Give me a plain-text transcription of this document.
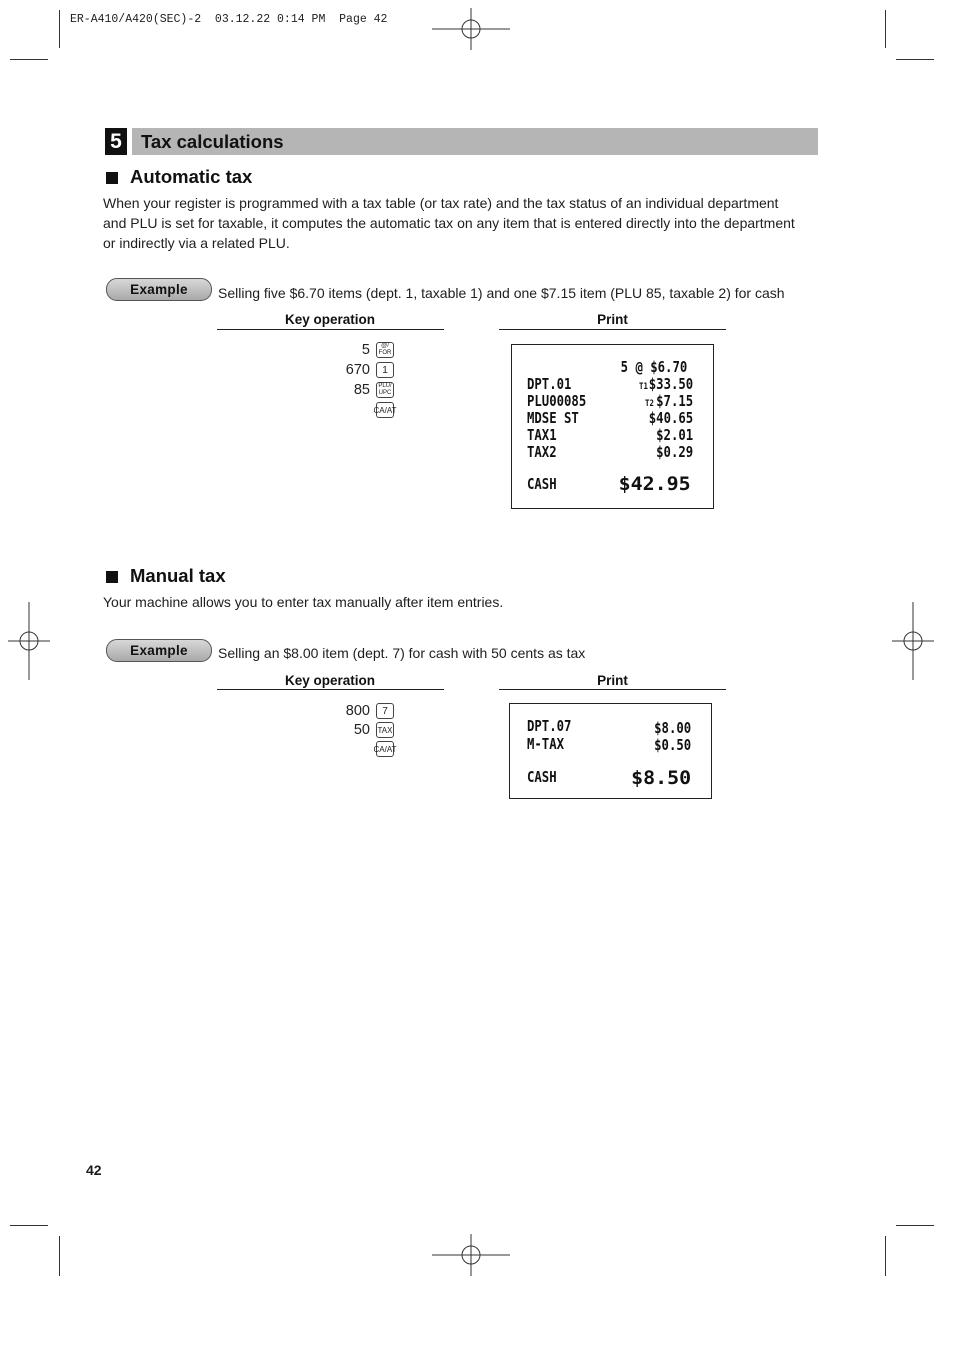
ER-A410/A420(SEC)-2  03.12.22 0:14 PM  Page 42
5 Tax calculations
Automatic tax
When your register is programmed with a tax table (or tax rate) and the tax status of an individual department
and PLU is set for taxable, it computes the automatic tax on any item that is entered directly into the department
or indirectly via a related PLU.
Example	Selling five $6.70 items (dept. 1, taxable 1) and one $7.15 item (PLU 85, taxable 2) for cash
Key operation	Print
5 @/
FOR
670	1
85 PLU/
UPC
CA/AT
5 @ $6.70
DPT.01	T1 $33.50
PLU00085	T2 $7.15
MDSE ST	$40.65
TAX1	$2.01
TAX2	$0.29
CASH	$42.95
Manual tax
Your machine allows you to enter tax manually after item entries.
Example	Selling an $8.00 item (dept. 7) for cash with 50 cents as tax
Key operation	Print
800	7
50 TAX
CA/AT
DPT.07	$8.00
M-TAX	$0.50
CASH	$8.50
42
